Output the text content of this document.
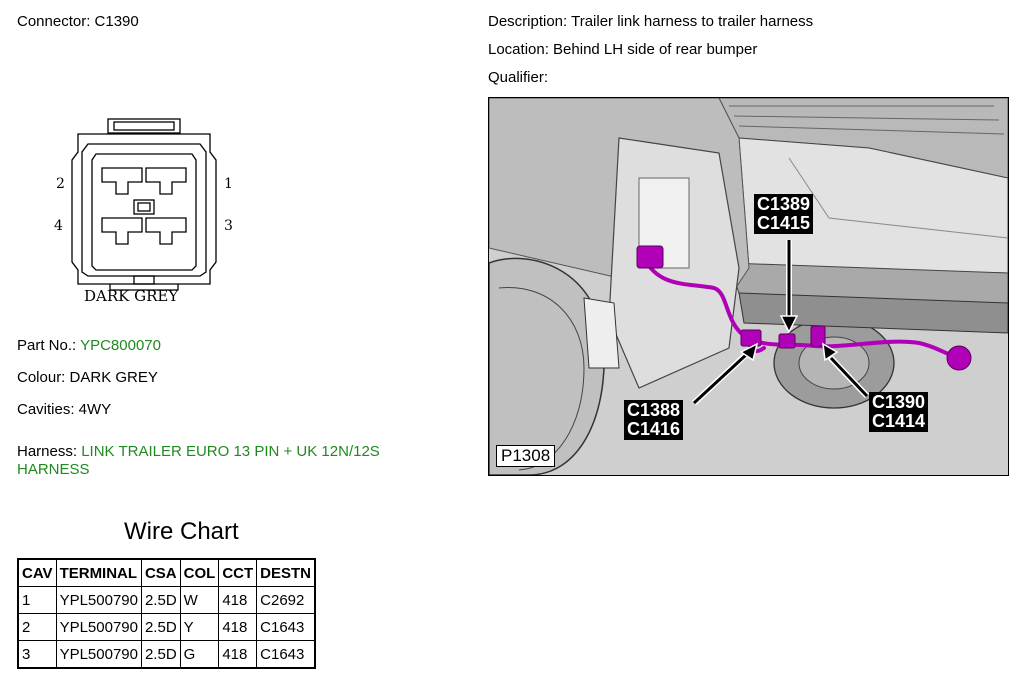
Connector: C1390	Description: Trailer link harness to trailer harness
Location: Behind LH side of rear bumper
Qualifier:
2	1
4	3
DARK GREY
Part No.: YPC800070
Colour: DARK GREY
Cavities: 4WY
Harness: LINK TRAILER EURO 13 PIN + UK 12N/12S
HARNESS
Wire Chart
CAV	TERMINAL	CSA	COL	CCT	DESTN
1	YPL500790	2.5D	W	418	C2692
2	YPL500790	2.5D	Y	418	C1643
3	YPL500790	2.5D	G	418	C1643
C1389
C1415
C1388
C1416
C1390
C1414
P1308
